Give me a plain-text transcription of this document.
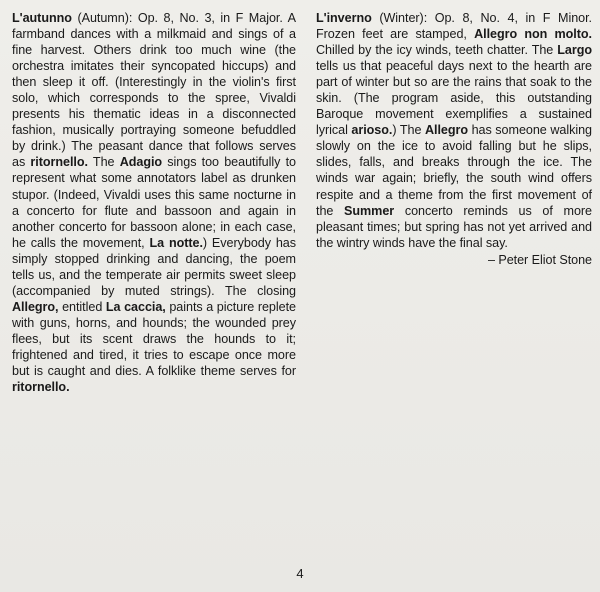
L'autunno (Autumn): Op. 8, No. 3, in F Major. A farmband dances with a milkmaid and sings of a fine harvest. Others drink too much wine (the orchestra imitates their syncopated hiccups) and then sleep it off. (Interestingly in the violin's first solo, which corresponds to the spree, Vivaldi presents his thematic ideas in a disconnected fashion, musically portraying someone befuddled by drink.) The peasant dance that follows serves as ritornello. The Adagio sings too beautifully to represent what some annotators label as drunken stupor. (Indeed, Vivaldi uses this same nocturne in a concerto for flute and bassoon and again in another concerto for bassoon alone; in each case, he calls the movement, La notte.) Everybody has simply stopped drinking and dancing, the poem tells us, and the temperate air permits sweet sleep (accompanied by muted strings). The closing Allegro, entitled La caccia, paints a picture replete with guns, horns, and hounds; the wounded prey flees, but its scent draws the hounds to it; frightened and tired, it tries to escape once more but is caught and dies. A folklike theme serves for ritornello.

L'inverno (Winter): Op. 8, No. 4, in F Minor. Frozen feet are stamped, Allegro non molto. Chilled by the icy winds, teeth chatter. The Largo tells us that peaceful days next to the hearth are part of winter but so are the rains that soak to the skin. (The program aside, this outstanding Baroque movement exemplifies a sustained lyrical arioso.) The Allegro has someone walking slowly on the ice to avoid falling but he slips, slides, falls, and breaks through the ice. The winds war again; briefly, the south wind offers respite and a theme from the first movement of the Summer concerto reminds us of more pleasant times; but spring has not yet arrived and the wintry winds have the final say.

– Peter Eliot Stone

4
